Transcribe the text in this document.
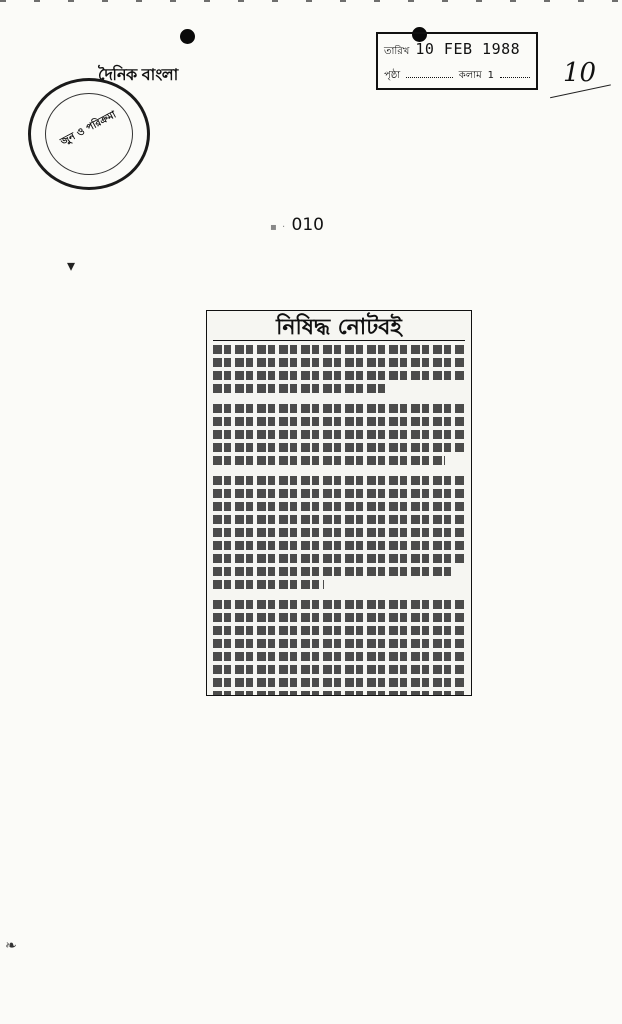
দৈনিক বাংলা
জুন ও পরিক্রমা
তারিখ 10 FEB 1988
পৃষ্ঠা	কলাম 1	10
▪ · 010
▾
❧
নিষিদ্ধ নোটবই
